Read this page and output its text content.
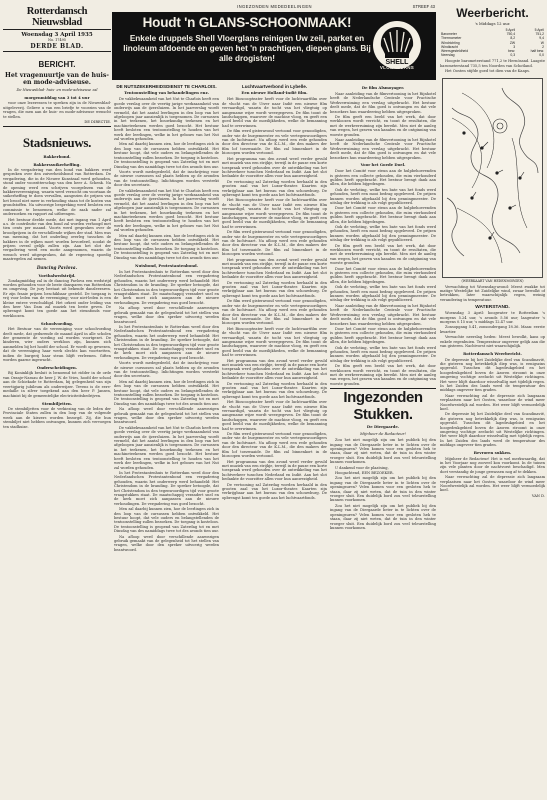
INGEZONDEN MEDEDEELINGEN	STREEF 43
Rotterdamsch Nieuwsblad
Woensdag 3 April 1935
No. 17495
DERDE BLAD.
BERICHT.
Het vragenuurtje van de huis- en mode-adviseuse.
De Nieuwsblad- huis- en mode-adviseuse zal
morgenmiddag van 3 tot 4 uur

voor onze lezeressen te spreken zijn in de Nieuwsblad-uitgeleverij. Gelieve u van een briefje te voorzien van de vragen, die men aan de huis- en mode-adviseuse wenscht te stellen.

DE DIRECTIE.
Stadsnieuws.
Bakkerbond.
Bakkerssuikerheffing.

In de vergadering van den bond van bakkers werd gesproken over den zuiverheidsbond van Rotterdam. De vergadering, die in de Nieuwe Kunstzaal werd gehouden, stond onder voorzitterschap van den heer A. Schenk. Na de opening werd een schrijven voorgelezen van de bakkersvereeniging, waarin werd verzocht om voortaan de suikerheffing te doen vervallen, aangezien de prijzen van het brood niet meer in verhouding staan tot de kosten van grondstoffen. Na uitvoerige bespreking werd besloten een commissie te benoemen, welke de zaak nader zal onderzoeken en rapport zal uitbrengen.

Het bestuur deelde mede, dat met ingang van 1 April a.s. de contributie van den bond zal worden verhoogd met tien cents per maand. Voorts werd gesproken over de broodprijzen in de verschillende wijken der stad. Men was van meening, dat het onderling overleg tusschen de bakkers in de wijken moet worden bevorderd, zoodat de prijzen overal gelijk zullen zijn. Aan het slot der vergadering werd een motie aangenomen, waarin de wensch werd uitgesproken, dat de regeering spoedig maatregelen zal nemen.

Dancing Pavlova.
Voetbalwedstrijd.

Zondagmiddag zal in de dancing Pavlova een wedstrijd worden gehouden voor de beste dansparen van Rotterdam en omgeving. De jury bestaat uit bekende dansleeraren. Er zijn fraaie prijzen beschikbaar gesteld. De toegang is vrij voor leden van de vereeniging; voor niet-leden is een kleine entree verschuldigd. Het orkest onder leiding van den heer Van Dam zal muziek ten beste geven. De opbrengst komt ten goede aan het steunfonds voor werkloozen.

Schoolvoeding.

Het Bestuur van de vereeniging voor schoolvoeding deelt mede, dat gedurende de maand April in alle scholen der gemeente de voeding zal worden voortgezet. De kinderen, wier ouders werkloos zijn, kunnen zich aanmelden bij het hoofd der school. Er wordt op gewezen, dat de vereeniging haar werk slechts kan voortzetten, indien de burgerij haar steun blijft verleenen. Giften worden gaarne ingewacht.

Onderscheidingen.

Bij Koninklijk besluit is benoemd tot ridder in de orde van Oranje-Nassau de heer J. W. de Vries, hoofd der school aan de Schiekade te Rotterdam, bij gelegenheid van zijn veertigjarig jubileum als onderwijzer. Tevens is de eere-medaille in zilver toegekend aan den heer P. Jansen, machinist bij de gemeentelijke electriciteitsbedrijven.

Stembiljetten.

De stembiljetten voor de verkiezing van de leden der Provinciale Staten zullen in den loop van de volgende week aan de kiezers worden bezorgd. Zij, die hun stembiljet niet hebben ontvangen, kunnen zich vervoegen ten stadhuize.

Houdt 'n GLANS-SCHOONMAAK!
Enkele druppels Shell Vloerglans reinigen Uw zeil, parket en linoleum afdoende en geven het 'n prachtigen, diepen glans. Bij alle drogisten!	SHELL
VLOERGLANS
DE NUTSZEKERHEIDSDIENST TE CHARLOIS.
Tentoonstelling van behandelingen enz.

De vakbekwaamheid van het Nut te Charlois heeft een goede verslag over de veertig jarige werkzaamheid van onderwijs aan de ijzersluizen. In het jaarverslag wordt vermeld, dat het aantal leerlingen in den loop van het afgeloopen jaar aanzienlijk is toegenomen. De cursussen in het teekenen, het bouwkundig teekenen en het machineteekenen werden goed bezocht. Het bestuur heeft besloten een tentoonstelling te houden van het werk der leerlingen, welke in het gebouw van het Nut zal worden gehouden.

Men zal daarbij kunnen zien, hoe de leerlingen zich in den loop van de cursussen hebben ontwikkeld. Het bestuur hoopt, dat vele ouders en belangstellenden de tentoonstelling zullen bezoeken. De toegang is kosteloos. De tentoonstelling is geopend van Zaterdag tot en met Dinsdag van des namiddags twee tot des avonds tien uur.

Voorts wordt medegedeeld, dat de inschrijving voor de nieuwe cursussen zal plaats hebben op de avonden van de tentoonstelling. Inlichtingen worden verstrekt door den secretaris.

De vakbekwaamheid van het Nut te Charlois heeft een goede verslag over de veertig jarige werkzaamheid van onderwijs aan de ijzersluizen. In het jaarverslag wordt vermeld, dat het aantal leerlingen in den loop van het afgeloopen jaar aanzienlijk is toegenomen. De cursussen in het teekenen, het bouwkundig teekenen en het machineteekenen werden goed bezocht. Het bestuur heeft besloten een tentoonstelling te houden van het werk der leerlingen, welke in het gebouw van het Nut zal worden gehouden.

Men zal daarbij kunnen zien, hoe de leerlingen zich in den loop van de cursussen hebben ontwikkeld. Het bestuur hoopt, dat vele ouders en belangstellenden de tentoonstelling zullen bezoeken. De toegang is kosteloos. De tentoonstelling is geopend van Zaterdag tot en met Dinsdag van des namiddags twee tot des avonds tien uur.

Nutsbond, Protestantenbond.

In het Protestantenhuis te Rotterdam werd door den Nederlandschen Protestantenbond een vergadering gehouden, waarin het onderwerp werd behandeld: Het Christendom in de branding. De spreker betoogde, dat het Christendom in den tegenwoordigen tijd voor groote vraagstukken staat. De maatschappij verandert snel en de kerk moet zich aanpassen aan de nieuwe verhoudingen. De vergadering was goed bezocht.

Na afloop werd door verschillende aanwezigen gebruik gemaakt van de gelegenheid tot het stellen van vragen, welke door den spreker uitvoerig werden beantwoord.

In het Protestantenhuis te Rotterdam werd door den Nederlandschen Protestantenbond een vergadering gehouden, waarin het onderwerp werd behandeld: Het Christendom in de branding. De spreker betoogde, dat het Christendom in den tegenwoordigen tijd voor groote vraagstukken staat. De maatschappij verandert snel en de kerk moet zich aanpassen aan de nieuwe verhoudingen. De vergadering was goed bezocht.

Voorts wordt medegedeeld, dat de inschrijving voor de nieuwe cursussen zal plaats hebben op de avonden van de tentoonstelling. Inlichtingen worden verstrekt door den secretaris.

Men zal daarbij kunnen zien, hoe de leerlingen zich in den loop van de cursussen hebben ontwikkeld. Het bestuur hoopt, dat vele ouders en belangstellenden de tentoonstelling zullen bezoeken. De toegang is kosteloos. De tentoonstelling is geopend van Zaterdag tot en met Dinsdag van des namiddags twee tot des avonds tien uur.

Na afloop werd door verschillende aanwezigen gebruik gemaakt van de gelegenheid tot het stellen van vragen, welke door den spreker uitvoerig werden beantwoord.

De vakbekwaamheid van het Nut te Charlois heeft een goede verslag over de veertig jarige werkzaamheid van onderwijs aan de ijzersluizen. In het jaarverslag wordt vermeld, dat het aantal leerlingen in den loop van het afgeloopen jaar aanzienlijk is toegenomen. De cursussen in het teekenen, het bouwkundig teekenen en het machineteekenen werden goed bezocht. Het bestuur heeft besloten een tentoonstelling te houden van het werk der leerlingen, welke in het gebouw van het Nut zal worden gehouden.

In het Protestantenhuis te Rotterdam werd door den Nederlandschen Protestantenbond een vergadering gehouden, waarin het onderwerp werd behandeld: Het Christendom in de branding. De spreker betoogde, dat het Christendom in den tegenwoordigen tijd voor groote vraagstukken staat. De maatschappij verandert snel en de kerk moet zich aanpassen aan de nieuwe verhoudingen. De vergadering was goed bezocht.

Men zal daarbij kunnen zien, hoe de leerlingen zich in den loop van de cursussen hebben ontwikkeld. Het bestuur hoopt, dat vele ouders en belangstellenden de tentoonstelling zullen bezoeken. De toegang is kosteloos. De tentoonstelling is geopend van Zaterdag tot en met Dinsdag van des namiddags twee tot des avonds tien uur.

Na afloop werd door verschillende aanwezigen gebruik gemaakt van de gelegenheid tot het stellen van vragen, welke door den spreker uitvoerig werden beantwoord.

Luchtvaartverbond in Lybelle.
Een nieuwe Holland-Indië film.

Het Bioscoopteater heeft voor de luchtvaartfilm over de vlucht van de Uiver naar Indië een nieuwe film vervaardigd, waarin de tocht van het vliegtuig op aangename wijze wordt weergegeven. De film toont de landschappen, waarover de machine vloog, en geeft een goed beeld van de moeilijkheden, welke de bemanning had te overwinnen.

De film werd gisteravond vertoond voor genoodigden, onder wie de burgemeester en vele vertegenwoordigers van de luchtvaart. Na afloop werd een rede gehouden door den directeur van de K.L.M., die den makers der film lof toezwaaide. De film zal binnenkort in de bioscopen worden vertoond.

Het programma van den avond werd verder gevuld met muziek van een strijkje, terwijl in de pauze een korte toespraak werd gehouden over de ontwikkeling van het luchtverkeer tusschen Nederland en Indië. Aan het slot bedankte de voorzitter allen voor hun aanwezigheid.

De vertooning zal Zaterdag worden herhaald in den grooten zaal van het Luxor-theater. Kaarten zijn verkrijgbaar aan het bureau van den schouwburg. De opbrengst komt ten goede aan het luchtvaartfonds.

Het Bioscoopteater heeft voor de luchtvaartfilm over de vlucht van de Uiver naar Indië een nieuwe film vervaardigd, waarin de tocht van het vliegtuig op aangename wijze wordt weergegeven. De film toont de landschappen, waarover de machine vloog, en geeft een goed beeld van de moeilijkheden, welke de bemanning had te overwinnen.

De film werd gisteravond vertoond voor genoodigden, onder wie de burgemeester en vele vertegenwoordigers van de luchtvaart. Na afloop werd een rede gehouden door den directeur van de K.L.M., die den makers der film lof toezwaaide. De film zal binnenkort in de bioscopen worden vertoond.

Het programma van den avond werd verder gevuld met muziek van een strijkje, terwijl in de pauze een korte toespraak werd gehouden over de ontwikkeling van het luchtverkeer tusschen Nederland en Indië. Aan het slot bedankte de voorzitter allen voor hun aanwezigheid.

De vertooning zal Zaterdag worden herhaald in den grooten zaal van het Luxor-theater. Kaarten zijn verkrijgbaar aan het bureau van den schouwburg. De opbrengst komt ten goede aan het luchtvaartfonds.

De film werd gisteravond vertoond voor genoodigden, onder wie de burgemeester en vele vertegenwoordigers van de luchtvaart. Na afloop werd een rede gehouden door den directeur van de K.L.M., die den makers der film lof toezwaaide. De film zal binnenkort in de bioscopen worden vertoond.

Het Bioscoopteater heeft voor de luchtvaartfilm over de vlucht van de Uiver naar Indië een nieuwe film vervaardigd, waarin de tocht van het vliegtuig op aangename wijze wordt weergegeven. De film toont de landschappen, waarover de machine vloog, en geeft een goed beeld van de moeilijkheden, welke de bemanning had te overwinnen.

Het programma van den avond werd verder gevuld met muziek van een strijkje, terwijl in de pauze een korte toespraak werd gehouden over de ontwikkeling van het luchtverkeer tusschen Nederland en Indië. Aan het slot bedankte de voorzitter allen voor hun aanwezigheid.

De vertooning zal Zaterdag worden herhaald in den grooten zaal van het Luxor-theater. Kaarten zijn verkrijgbaar aan het bureau van den schouwburg. De opbrengst komt ten goede aan het luchtvaartfonds.

Het Bioscoopteater heeft voor de luchtvaartfilm over de vlucht van de Uiver naar Indië een nieuwe film vervaardigd, waarin de tocht van het vliegtuig op aangename wijze wordt weergegeven. De film toont de landschappen, waarover de machine vloog, en geeft een goed beeld van de moeilijkheden, welke de bemanning had te overwinnen.

De film werd gisteravond vertoond voor genoodigden, onder wie de burgemeester en vele vertegenwoordigers van de luchtvaart. Na afloop werd een rede gehouden door den directeur van de K.L.M., die den makers der film lof toezwaaide. De film zal binnenkort in de bioscopen worden vertoond.

Het programma van den avond werd verder gevuld met muziek van een strijkje, terwijl in de pauze een korte toespraak werd gehouden over de ontwikkeling van het luchtverkeer tusschen Nederland en Indië. Aan het slot bedankte de voorzitter allen voor hun aanwezigheid.

De vertooning zal Zaterdag worden herhaald in den grooten zaal van het Luxor-theater. Kaarten zijn verkrijgbaar aan het bureau van den schouwburg. De opbrengst komt ten goede aan het luchtvaartfonds.

De film Alsmoyager.

Naar aanleiding van de filmvertooning in het Rijnhotel heeft de Nederlandsche Centrale voor Practische Werkverruiming een verslag uitgebracht. Het bestuur deelt mede, dat de film goed is ontvangen en dat vele bezoekers hun waardeering hebben uitgesproken.

De film geeft een beeld van het werk, dat door werkloozen wordt verricht, en toont de resultaten, die met de werkverruiming zijn bereikt. Men ziet de aanleg van wegen, het graven van kanalen en de ontginning van woeste gronden.

Naar aanleiding van de filmvertooning in het Rijnhotel heeft de Nederlandsche Centrale voor Practische Werkverruiming een verslag uitgebracht. Het bestuur deelt mede, dat de film goed is ontvangen en dat vele bezoekers hun waardeering hebben uitgesproken.

Voor het Goede Doel.

Door het Comité voor steun aan de hulpbehoevenden is gisteren een collecte gehouden, die ruim vierhonderd gulden heeft opgebracht. Het bestuur brengt dank aan allen, die hebben bijgedragen.

Ook de verloting, welke ten bate van het fonds werd gehouden, heeft een mooi bedrag opgeleverd. De prijzen kunnen worden afgehaald bij den penningmeester. De uitslag der trekking is als volgt gepubliceerd.

Door het Comité voor steun aan de hulpbehoevenden is gisteren een collecte gehouden, die ruim vierhonderd gulden heeft opgebracht. Het bestuur brengt dank aan allen, die hebben bijgedragen.

Ook de verloting, welke ten bate van het fonds werd gehouden, heeft een mooi bedrag opgeleverd. De prijzen kunnen worden afgehaald bij den penningmeester. De uitslag der trekking is als volgt gepubliceerd.

De film geeft een beeld van het werk, dat door werkloozen wordt verricht, en toont de resultaten, die met de werkverruiming zijn bereikt. Men ziet de aanleg van wegen, het graven van kanalen en de ontginning van woeste gronden.

Door het Comité voor steun aan de hulpbehoevenden is gisteren een collecte gehouden, die ruim vierhonderd gulden heeft opgebracht. Het bestuur brengt dank aan allen, die hebben bijgedragen.

Ook de verloting, welke ten bate van het fonds werd gehouden, heeft een mooi bedrag opgeleverd. De prijzen kunnen worden afgehaald bij den penningmeester. De uitslag der trekking is als volgt gepubliceerd.

Naar aanleiding van de filmvertooning in het Rijnhotel heeft de Nederlandsche Centrale voor Practische Werkverruiming een verslag uitgebracht. Het bestuur deelt mede, dat de film goed is ontvangen en dat vele bezoekers hun waardeering hebben uitgesproken.

Door het Comité voor steun aan de hulpbehoevenden is gisteren een collecte gehouden, die ruim vierhonderd gulden heeft opgebracht. Het bestuur brengt dank aan allen, die hebben bijgedragen.

Ook de verloting, welke ten bate van het fonds werd gehouden, heeft een mooi bedrag opgeleverd. De prijzen kunnen worden afgehaald bij den penningmeester. De uitslag der trekking is als volgt gepubliceerd.

De film geeft een beeld van het werk, dat door werkloozen wordt verricht, en toont de resultaten, die met de werkverruiming zijn bereikt. Men ziet de aanleg van wegen, het graven van kanalen en de ontginning van woeste gronden.

Ingezonden Stukken.
De Diergaarde.
Mijnheer de Redacteur!

Zou het niet mogelijk zijn om het publiek bij den ingang van de Diergaarde beter in te lichten over de openingsuren? Velen komen voor een gesloten hek te staan, daar zij niet weten, dat de tuin in den winter vroeger sluit. Een duidelijk bord zou veel teleurstelling kunnen voorkomen.

U dankend voor de plaatsing,

Hoogachtend, EEN BEZOEKER.

Zou het niet mogelijk zijn om het publiek bij den ingang van de Diergaarde beter in te lichten over de openingsuren? Velen komen voor een gesloten hek te staan, daar zij niet weten, dat de tuin in den winter vroeger sluit. Een duidelijk bord zou veel teleurstelling kunnen voorkomen.

Zou het niet mogelijk zijn om het publiek bij den ingang van de Diergaarde beter in te lichten over de openingsuren? Velen komen voor een gesloten hek te staan, daar zij niet weten, dat de tuin in den winter vroeger sluit. Een duidelijk bord zou veel teleurstelling kunnen voorkomen.

Weerbericht.
's Middags 12 uur.
	5 April	5 April
Barometer	750,4	751,2
Thermometer	8,2	9,4
Windrichting	ZW	W
Windkracht	3	2
Weersgesteldheid	bew.	half bew.
Neerslag	0,3	0,0

Hoogste barometerstand 771,2 te Hernösand. Laagste barometerstand 735,5 ten Noorden van Schotland.

Het Oosten stijfde goed tot dien van de Kaaps.

(WEERKAART VAN HEDENMORGEN)

Verwachting tot Woensdag-avond: Meest zwakke tot matige Westelijke tot Zuidelijke wind, zwaar bewolkt of betrokken, later waarschijnlijk regen, weinig verandering in temperatuur.

WATERSTAND.

Woensdag 3 April: hoogwater te Rotterdam 's morgens 5.24 uur, 's avonds 5.56 uur; laagwater 's morgens 0.15 uur, 's middags 12.47 uur.

Zonsopgang 5.41, zonsondergang 18.36. Maan: eerste kwartier.

Verwachte neerslag heden: Meest bewolkt, kans op enkele regenbuien. Temperatuur ongeveer gelijk aan die van gisteren. Nachtvorst niet waarschijnlijk.

Rotterdamsch Weerbericht.

De depressie bij het Zuidelijke deel van Scandinavië, die gisteren nog betrekkelijk diep was, is eenigszins opgevuld. Tusschen dit lagedrukgebied en het hoogedrukgebied boven de Azoren stroomt in onze omgeving vochtige zeelucht uit Westelijke richtingen. Het weer blijft daardoor wisselvallig met tijdelijk regen. In het Zuiden des lands werd de temperatuur des middags ongeveer tien graden.

Naar verwachting zal de depressie zich langzaam verplaatsen naar het Oosten, waardoor de wind meer Noordwestelijk zal worden. Het weer blijft vermoedelijk koel.

De depressie bij het Zuidelijke deel van Scandinavië, die gisteren nog betrekkelijk diep was, is eenigszins opgevuld. Tusschen dit lagedrukgebied en het hoogedrukgebied boven de Azoren stroomt in onze omgeving vochtige zeelucht uit Westelijke richtingen. Het weer blijft daardoor wisselvallig met tijdelijk regen. In het Zuiden des lands werd de temperatuur des middags ongeveer tien graden.

Bevroren sukken.

Mijnheer de Redacteur! Het is wel merkwaardig, dat in het Voorjaar nog zooveel kou voorkomt. In de tuinen zijn vele planten door de nachtvorst beschadigd. Men doet verstandig de jonge gewassen nog af te dekken.

Naar verwachting zal de depressie zich langzaam verplaatsen naar het Oosten, waardoor de wind meer Noordwestelijk zal worden. Het weer blijft vermoedelijk koel.

VAN D.
